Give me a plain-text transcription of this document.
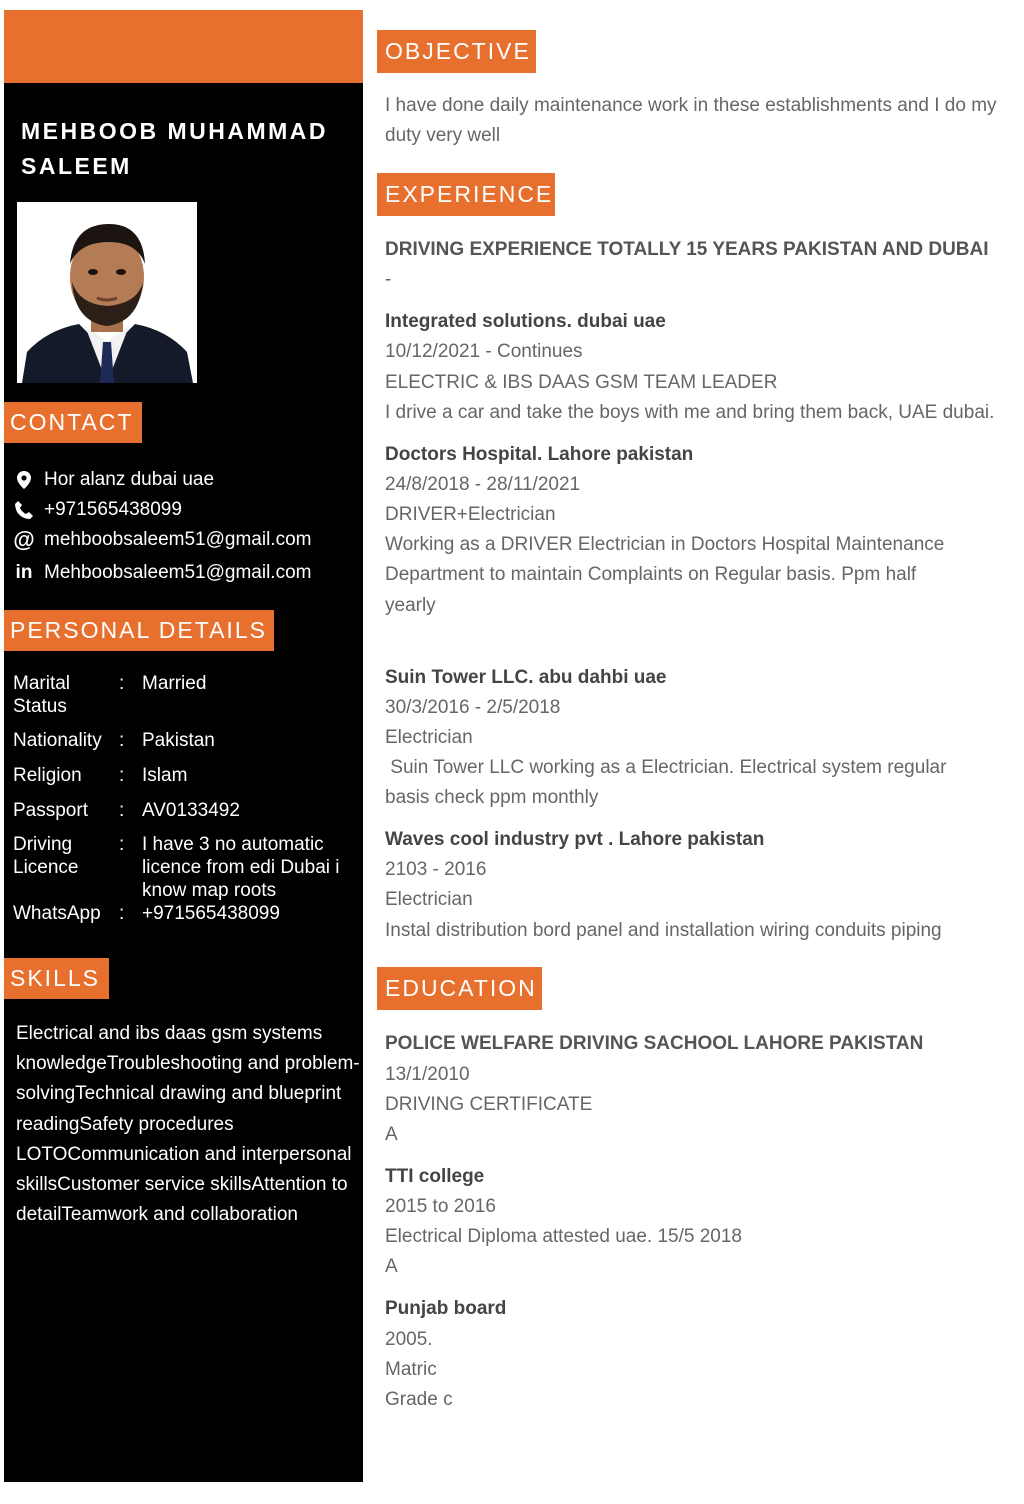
MEHBOOB MUHAMMAD SALEEM
CONTACT
Hor alanz dubai uae
+971565438099
@ mehboobsaleem51@gmail.com
in Mehboobsaleem51@gmail.com
PERSONAL DETAILS
Marital Status
: Married
Nationality : Pakistan
Religion	: Islam
Passport	: AV0133492
Driving Licence
: I have 3 no automatic licence from edi Dubai i know map roots
WhatsApp : +971565438099
SKILLS
Electrical and ibs daas gsm systems knowledgeTroubleshooting and problem-solvingTechnical drawing and blueprint readingSafety procedures LOTOCommunication and interpersonal skillsCustomer service skillsAttention to detailTeamwork and collaboration
OBJECTIVE
I have done daily maintenance work in these establishments and I do my duty very well
EXPERIENCE
DRIVING EXPERIENCE TOTALLY 15 YEARS PAKISTAN AND DUBAI
-
Integrated solutions. dubai uae
10/12/2021 - Continues
ELECTRIC & IBS DAAS GSM TEAM LEADER
I drive a car and take the boys with me and bring them back, UAE dubai.
Doctors Hospital. Lahore pakistan
24/8/2018 - 28/11/2021
DRIVER+Electrician
Working as a DRIVER Electrician in Doctors Hospital Maintenance Department to maintain Complaints on Regular basis. Ppm half yearly
Suin Tower LLC. abu dahbi uae
30/3/2016 - 2/5/2018
Electrician
Suin Tower LLC working as a Electrician. Electrical system regular basis check ppm monthly
Waves cool industry pvt . Lahore pakistan
2103 - 2016
Electrician
Instal distribution bord panel and installation wiring conduits piping
EDUCATION
POLICE WELFARE DRIVING SACHOOL LAHORE PAKISTAN
13/1/2010
DRIVING CERTIFICATE
A
TTI college
2015 to 2016
Electrical Diploma attested uae. 15/5 2018
A
Punjab board
2005.
Matric
Grade c
